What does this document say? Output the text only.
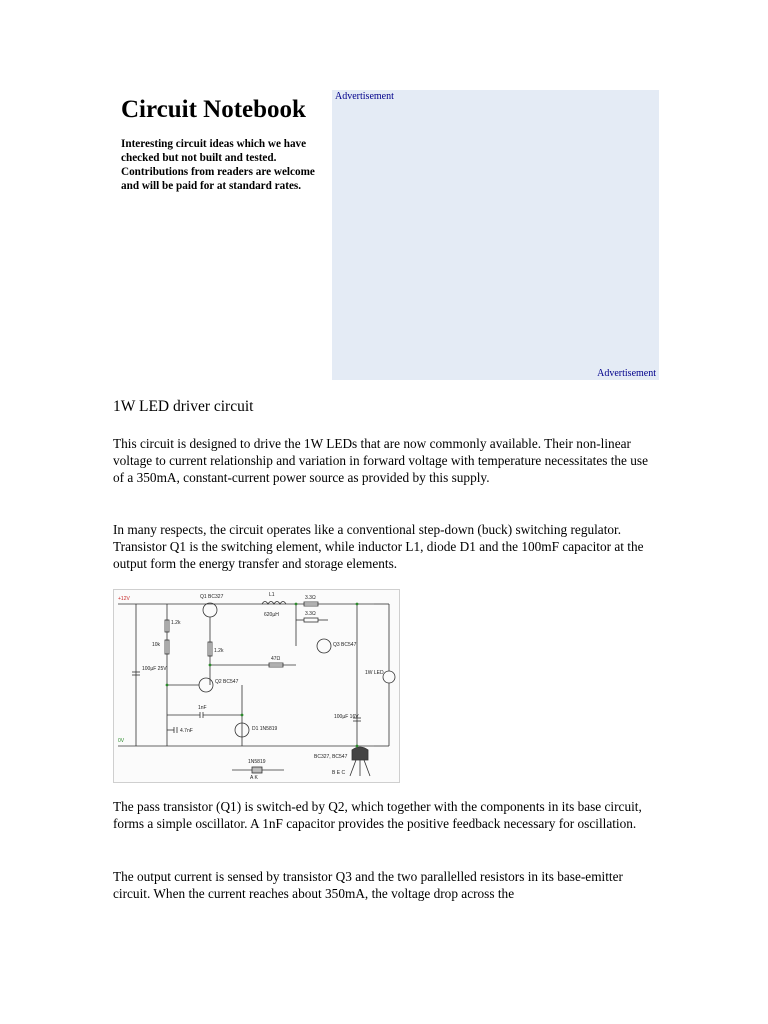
Circuit Notebook

Interesting circuit ideas which we have checked but not built and tested. Contributions from readers are welcome and will be paid for at standard rates.

Advertisement
Advertisement
1W LED driver circuit

This circuit is designed to drive the 1W LEDs that are now commonly available. Their non-linear voltage to current relationship and variation in forward voltage with temperature necessitates the use of a 350mA, constant-current power source as provided by this supply.

In many respects, the circuit operates like a conventional step-down (buck) switching regulator. Transistor Q1 is the switching element, while inductor L1, diode D1 and the 100mF capacitor at the output form the energy transfer and storage elements.

+12V
0V
Q1 BC327
1.2k
10k
1.2k
100µF 25V
Q2 BC547
1nF
4.7nF
L1
620µH
3.3Ω
3.3Ω
Q3 BC547
47Ω
D1 1N5819
100µF 16V
1W LED
1N5819
A K
BC327, BC547
B E C

The pass transistor (Q1) is switch-ed by Q2, which together with the components in its base circuit, forms a simple oscillator. A 1nF capacitor provides the positive feedback necessary for oscillation.

The output current is sensed by transistor Q3 and the two parallelled resistors in its base-emitter circuit. When the current reaches about 350mA, the voltage drop across the
